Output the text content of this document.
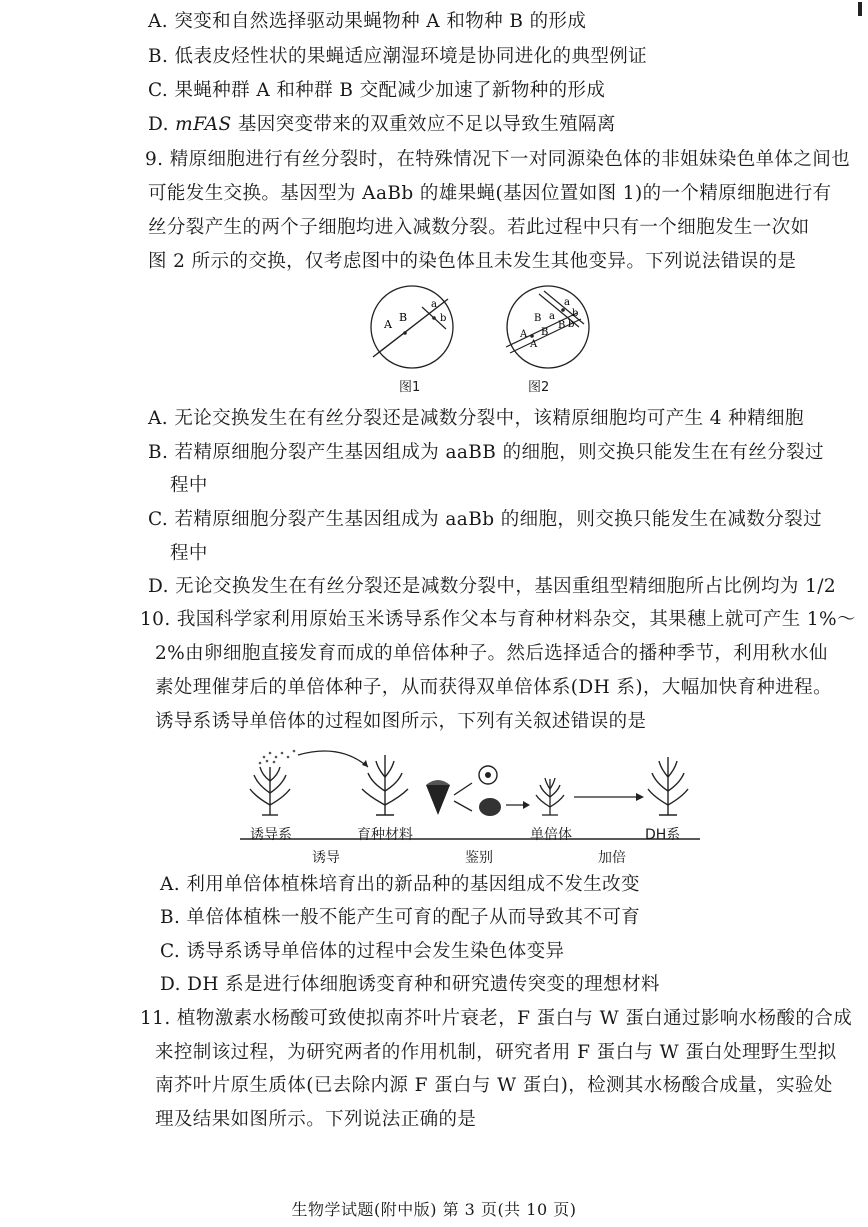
A. 突变和自然选择驱动果蝇物种 A 和物种 B 的形成
B. 低表皮烃性状的果蝇适应潮湿环境是协同进化的典型例证
C. 果蝇种群 A 和种群 B 交配减少加速了新物种的形成
D. mFAS 基因突变带来的双重效应不足以导致生殖隔离
9. 精原细胞进行有丝分裂时，在特殊情况下一对同源染色体的非姐妹染色单体之间也
可能发生交换。基因型为 AaBb 的雄果蝇(基因位置如图 1)的一个精原细胞进行有
丝分裂产生的两个子细胞均进入减数分裂。若此过程中只有一个细胞发生一次如
图 2 所示的交换，仅考虑图中的染色体且未发生其他变异。下列说法错误的是
A
B
a
b
图1
a
b
B a
B
A
A
B
b
图2
A. 无论交换发生在有丝分裂还是减数分裂中，该精原细胞均可产生 4 种精细胞
B. 若精原细胞分裂产生基因组成为 aaBB 的细胞，则交换只能发生在有丝分裂过
程中
C. 若精原细胞分裂产生基因组成为 aaBb 的细胞，则交换只能发生在减数分裂过
程中
D. 无论交换发生在有丝分裂还是减数分裂中，基因重组型精细胞所占比例均为 1/2
10. 我国科学家利用原始玉米诱导系作父本与育种材料杂交，其果穗上就可产生 1%～
2%由卵细胞直接发育而成的单倍体种子。然后选择适合的播种季节，利用秋水仙
素处理催芽后的单倍体种子，从而获得双单倍体系(DH 系)，大幅加快育种进程。
诱导系诱导单倍体的过程如图所示，下列有关叙述错误的是
诱导系	育种材料	单倍体	DH系
诱导	鉴别	加倍
A. 利用单倍体植株培育出的新品种的基因组成不发生改变
B. 单倍体植株一般不能产生可育的配子从而导致其不可育
C. 诱导系诱导单倍体的过程中会发生染色体变异
D. DH 系是进行体细胞诱变育种和研究遗传突变的理想材料
11. 植物激素水杨酸可致使拟南芥叶片衰老，F 蛋白与 W 蛋白通过影响水杨酸的合成
来控制该过程，为研究两者的作用机制，研究者用 F 蛋白与 W 蛋白处理野生型拟
南芥叶片原生质体(已去除内源 F 蛋白与 W 蛋白)，检测其水杨酸合成量，实验处
理及结果如图所示。下列说法正确的是
生物学试题(附中版) 第 3 页(共 10 页)
